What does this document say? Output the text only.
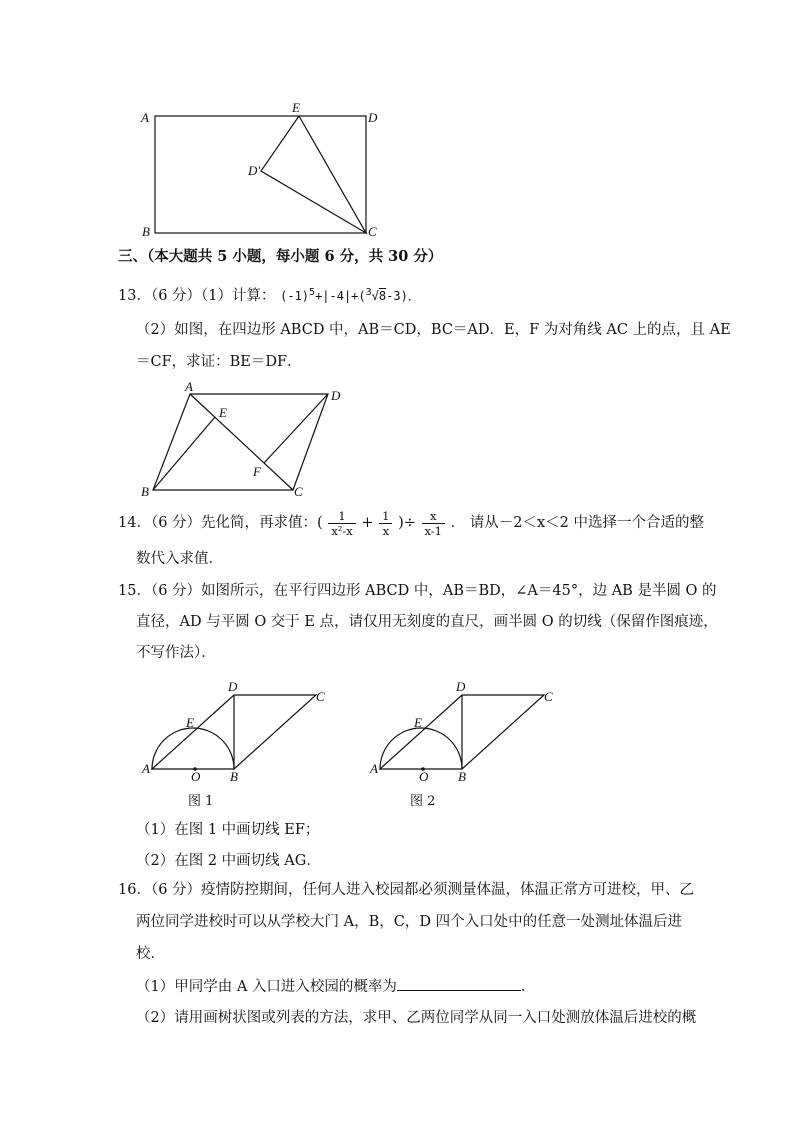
A
E
D
D′
B	C
三、（本大题共 5 小题，每小题 6 分，共 30 分）
13．（6 分）（1）计算： $(-1)^5+|-4|+(^3√8-3)$．
（2）如图，在四边形 ABCD 中，AB＝CD，BC＝AD．E，F 为对角线 AC 上的点，且 AE
＝CF，求证：BE＝DF．
A
D
E
F
B	C
14．（6 分）先化简，再求值：( $\frac{1}{\text{x²-x}} + \frac{1}{x}$ )÷ $\frac{x}{x-1}$ ． 请从－2＜x＜2 中选择一个合适的整
数代入求值．
15．（6 分）如图所示，在平行四边形 ABCD 中，AB＝BD，∠A＝45°，边 AB 是半圆 O 的
直径，AD 与平圆 O 交于 E 点，请仅用无刻度的直尺，画半圆 O 的切线（保留作图痕迹，
不写作法）．
A
B
C
D
E
O
图 1
A
B
C
D
E
O
图 2
（1）在图 1 中画切线 EF；
（2）在图 2 中画切线 AG．
16．（6 分）疫情防控期间，任何人进入校园都必须测量体温，体温正常方可进校，甲、乙
两位同学进校时可以从学校大门 A，B，C，D 四个入口处中的任意一处测址体温后进
校．
（1）甲同学由 A 入口进入校园的概率为	．
（2）请用画树状图或列表的方法，求甲、乙两位同学从同一入口处测放体温后进校的概
